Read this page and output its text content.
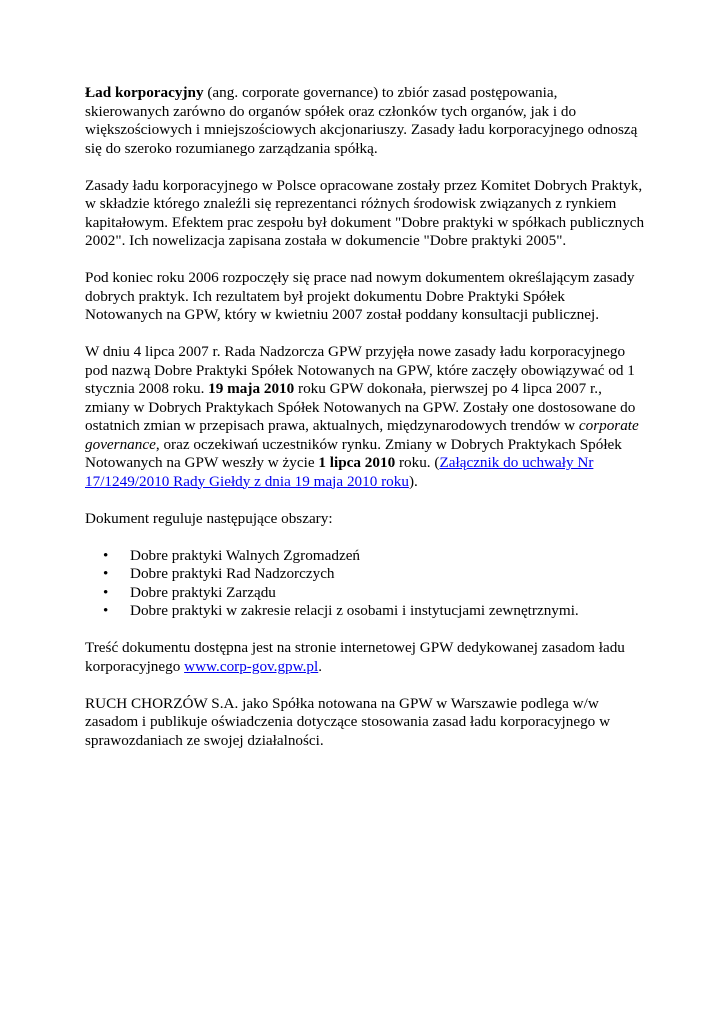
Ład korporacyjny (ang. corporate governance) to zbiór zasad postępowania, skierowanych zarówno do organów spółek oraz członków tych organów, jak i do większościowych i mniejszościowych akcjonariuszy. Zasady ładu korporacyjnego odnoszą się do szeroko rozumianego zarządzania spółką.

Zasady ładu korporacyjnego w Polsce opracowane zostały przez Komitet Dobrych Praktyk, w składzie którego znaleźli się reprezentanci różnych środowisk związanych z rynkiem kapitałowym. Efektem prac zespołu był dokument "Dobre praktyki w spółkach publicznych 2002". Ich nowelizacja zapisana została w dokumencie "Dobre praktyki 2005".

Pod koniec roku 2006 rozpoczęły się prace nad nowym dokumentem określającym zasady dobrych praktyk. Ich rezultatem był projekt dokumentu Dobre Praktyki Spółek Notowanych na GPW, który w kwietniu 2007 został poddany konsultacji publicznej.

W dniu 4 lipca 2007 r. Rada Nadzorcza GPW przyjęła nowe zasady ładu korporacyjnego pod nazwą Dobre Praktyki Spółek Notowanych na GPW, które zaczęły obowiązywać od 1 stycznia 2008 roku. 19 maja 2010 roku GPW dokonała, pierwszej po 4 lipca 2007 r., zmiany w Dobrych Praktykach Spółek Notowanych na GPW. Zostały one dostosowane do ostatnich zmian w przepisach prawa, aktualnych, międzynarodowych trendów w corporate governance, oraz oczekiwań uczestników rynku. Zmiany w Dobrych Praktykach Spółek Notowanych na GPW weszły w życie 1 lipca 2010 roku. (Załącznik do uchwały Nr 17/1249/2010 Rady Giełdy z dnia 19 maja 2010 roku).

Dokument reguluje następujące obszary:

• Dobre praktyki Walnych Zgromadzeń
• Dobre praktyki Rad Nadzorczych
• Dobre praktyki Zarządu
• Dobre praktyki w zakresie relacji z osobami i instytucjami zewnętrznymi.

Treść dokumentu dostępna jest na stronie internetowej GPW dedykowanej zasadom ładu korporacyjnego www.corp-gov.gpw.pl.

RUCH CHORZÓW S.A. jako Spółka notowana na GPW w Warszawie podlega w/w zasadom i publikuje oświadczenia dotyczące stosowania zasad ładu korporacyjnego w sprawozdaniach ze swojej działalności.
